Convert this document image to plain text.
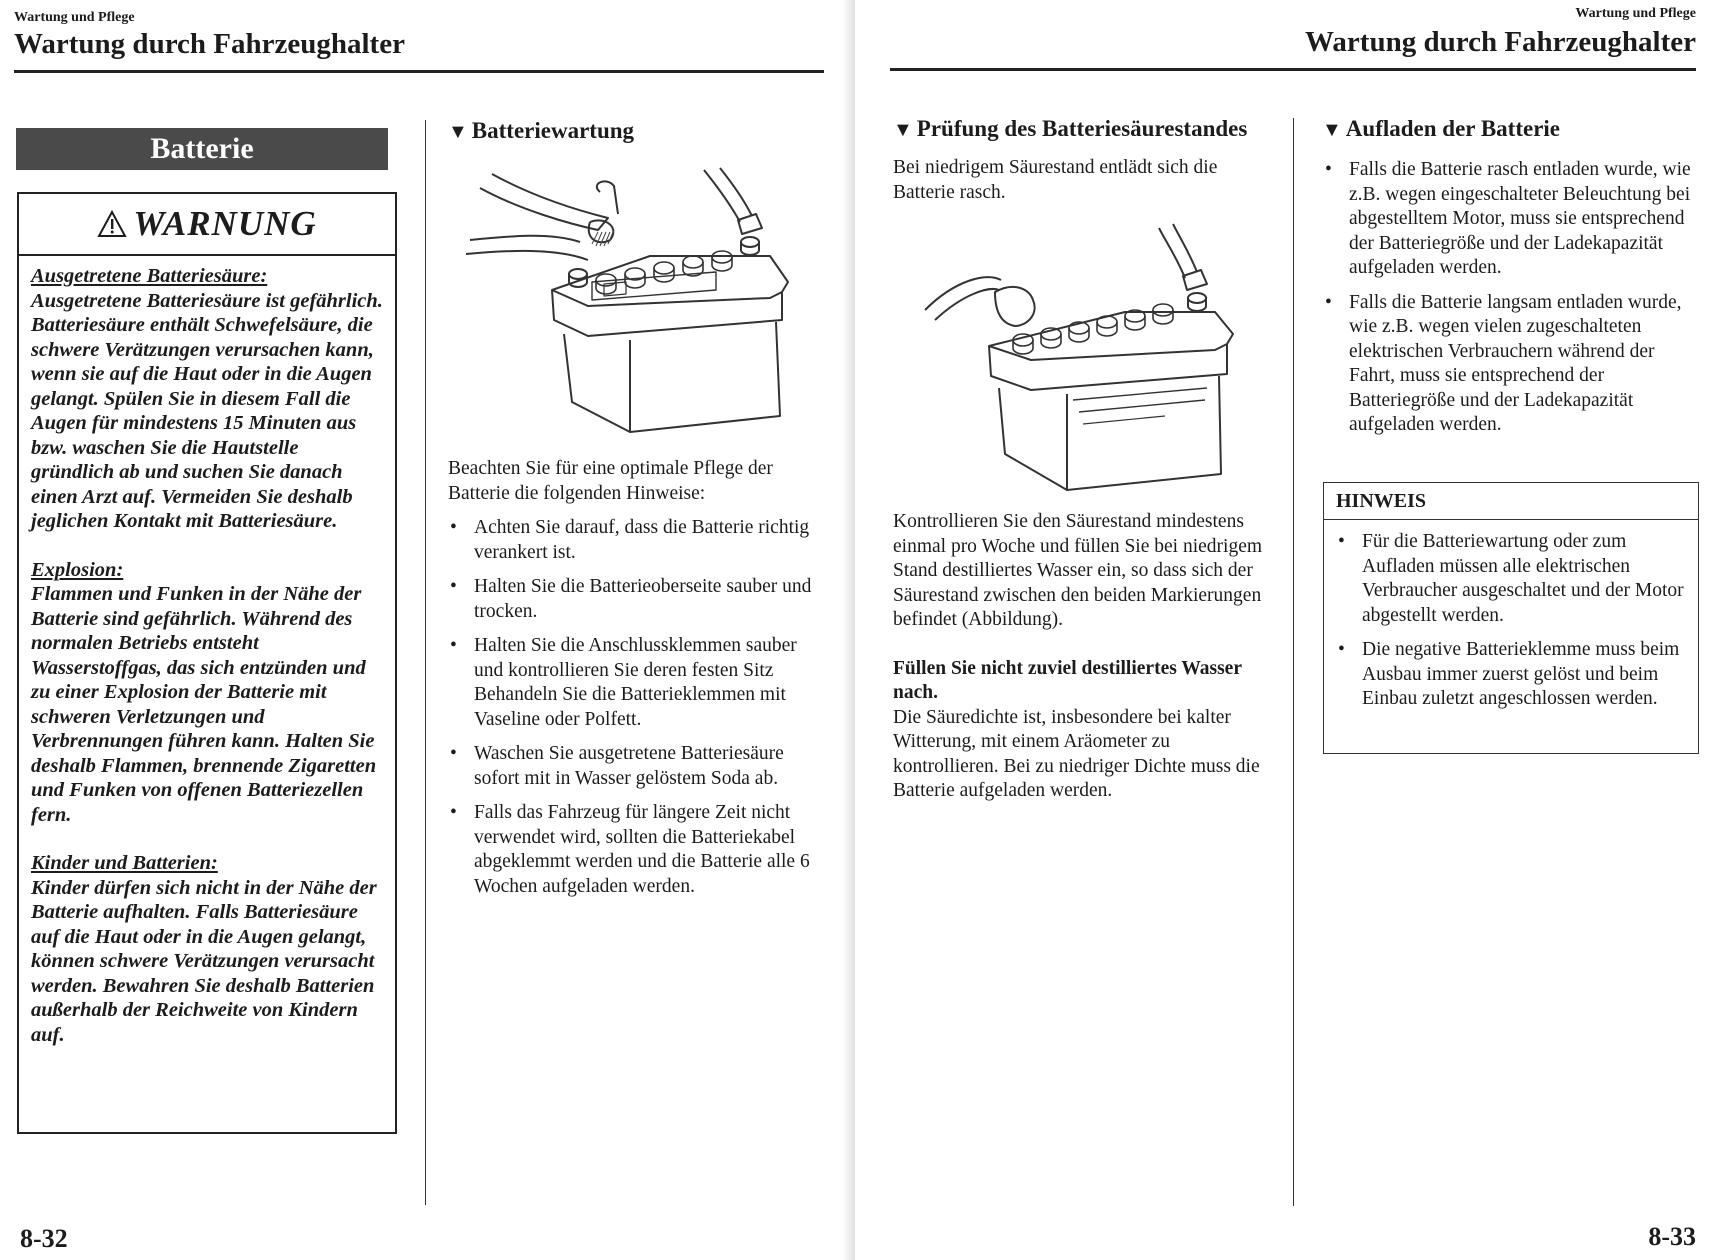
Wartung und Pflege
Wartung durch Fahrzeughalter
Batterie
WARNUNG

Ausgetretene Batteriesäure:
Ausgetretene Batteriesäure ist gefährlich. Batteriesäure enthält Schwefelsäure, die schwere Verätzungen verursachen kann, wenn sie auf die Haut oder in die Augen gelangt. Spülen Sie in diesem Fall die Augen für mindestens 15 Minuten aus bzw. waschen Sie die Hautstelle gründlich ab und suchen Sie danach einen Arzt auf. Vermeiden Sie deshalb jeglichen Kontakt mit Batteriesäure.

Explosion:
Flammen und Funken in der Nähe der Batterie sind gefährlich. Während des normalen Betriebs entsteht Wasserstoffgas, das sich entzünden und zu einer Explosion der Batterie mit schweren Verletzungen und Verbrennungen führen kann. Halten Sie deshalb Flammen, brennende Zigaretten und Funken von offenen Batteriezellen fern.

Kinder und Batterien:
Kinder dürfen sich nicht in der Nähe der Batterie aufhalten. Falls Batteriesäure auf die Haut oder in die Augen gelangt, können schwere Verätzungen verursacht werden. Bewahren Sie deshalb Batterien außerhalb der Reichweite von Kindern auf.

▼ Batteriewartung

Beachten Sie für eine optimale Pflege der Batterie die folgenden Hinweise:

• Achten Sie darauf, dass die Batterie richtig verankert ist.
• Halten Sie die Batterieoberseite sauber und trocken.
• Halten Sie die Anschlussklemmen sauber und kontrollieren Sie deren festen Sitz Behandeln Sie die Batterieklemmen mit Vaseline oder Polfett.
• Waschen Sie ausgetretene Batteriesäure sofort mit in Wasser gelöstem Soda ab.
• Falls das Fahrzeug für längere Zeit nicht verwendet wird, sollten die Batteriekabel abgeklemmt werden und die Batterie alle 6 Wochen aufgeladen werden.
8-32
Wartung und Pflege
Wartung durch Fahrzeughalter
▼ Prüfung des Batteriesäurestandes
Bei niedrigem Säurestand entlädt sich die Batterie rasch.

Kontrollieren Sie den Säurestand mindestens einmal pro Woche und füllen Sie bei niedrigem Stand destilliertes Wasser ein, so dass sich der Säurestand zwischen den beiden Markierungen befindet (Abbildung).

Füllen Sie nicht zuviel destilliertes Wasser nach.

Die Säuredichte ist, insbesondere bei kalter Witterung, mit einem Aräometer zu kontrollieren. Bei zu niedriger Dichte muss die Batterie aufgeladen werden.

▼ Aufladen der Batterie
• Falls die Batterie rasch entladen wurde, wie z.B. wegen eingeschalteter Beleuchtung bei abgestelltem Motor, muss sie entsprechend der Batteriegröße und der Ladekapazität aufgeladen werden.
• Falls die Batterie langsam entladen wurde, wie z.B. wegen vielen zugeschalteten elektrischen Verbrauchern während der Fahrt, muss sie entsprechend der Batteriegröße und der Ladekapazität aufgeladen werden.
HINWEIS
• Für die Batteriewartung oder zum Aufladen müssen alle elektrischen Verbraucher ausgeschaltet und der Motor abgestellt werden.
• Die negative Batterieklemme muss beim Ausbau immer zuerst gelöst und beim Einbau zuletzt angeschlossen werden.
8-33
